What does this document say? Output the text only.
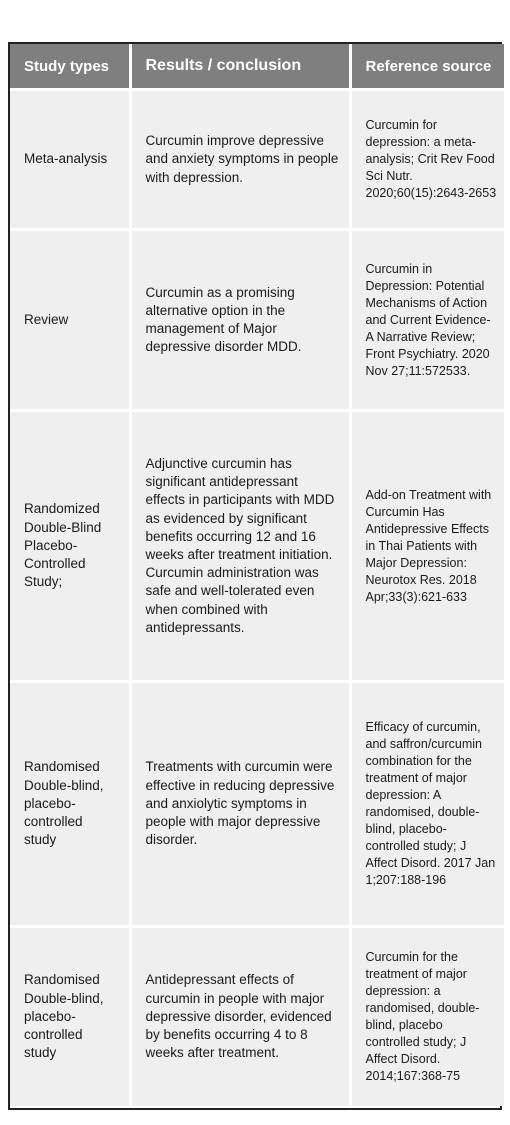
Study types	Results / conclusion	Reference source
Meta-analysis	Curcumin improve depressive and anxiety symptoms in people with depression.	Curcumin for depression: a meta-analysis; Crit Rev Food Sci Nutr. 2020;60(15):2643-2653
Review	Curcumin as a promising alternative option in the management of Major depressive disorder MDD.	Curcumin in Depression: Potential Mechanisms of Action and Current Evidence-A Narrative Review; Front Psychiatry. 2020 Nov 27;11:572533.
Randomized Double-Blind Placebo-Controlled Study;	Adjunctive curcumin has significant antidepressant effects in participants with MDD as evidenced by significant benefits occurring 12 and 16 weeks after treatment initiation. Curcumin administration was safe and well-tolerated even when combined with antidepressants.	Add-on Treatment with Curcumin Has Antidepressive Effects in Thai Patients with Major Depression: Neurotox Res. 2018 Apr;33(3):621-633
Randomised Double-blind, placebo-controlled study	Treatments with curcumin were effective in reducing depressive and anxiolytic symptoms in people with major depressive disorder.	Efficacy of curcumin, and saffron/curcumin combination for the treatment of major depression: A randomised, double-blind, placebo-controlled study; J Affect Disord. 2017 Jan 1;207:188-196
Randomised Double-blind, placebo-controlled study	Antidepressant effects of curcumin in people with major depressive disorder, evidenced by benefits occurring 4 to 8 weeks after treatment.	Curcumin for the treatment of major depression: a randomised, double-blind, placebo controlled study; J Affect Disord. 2014;167:368-75
